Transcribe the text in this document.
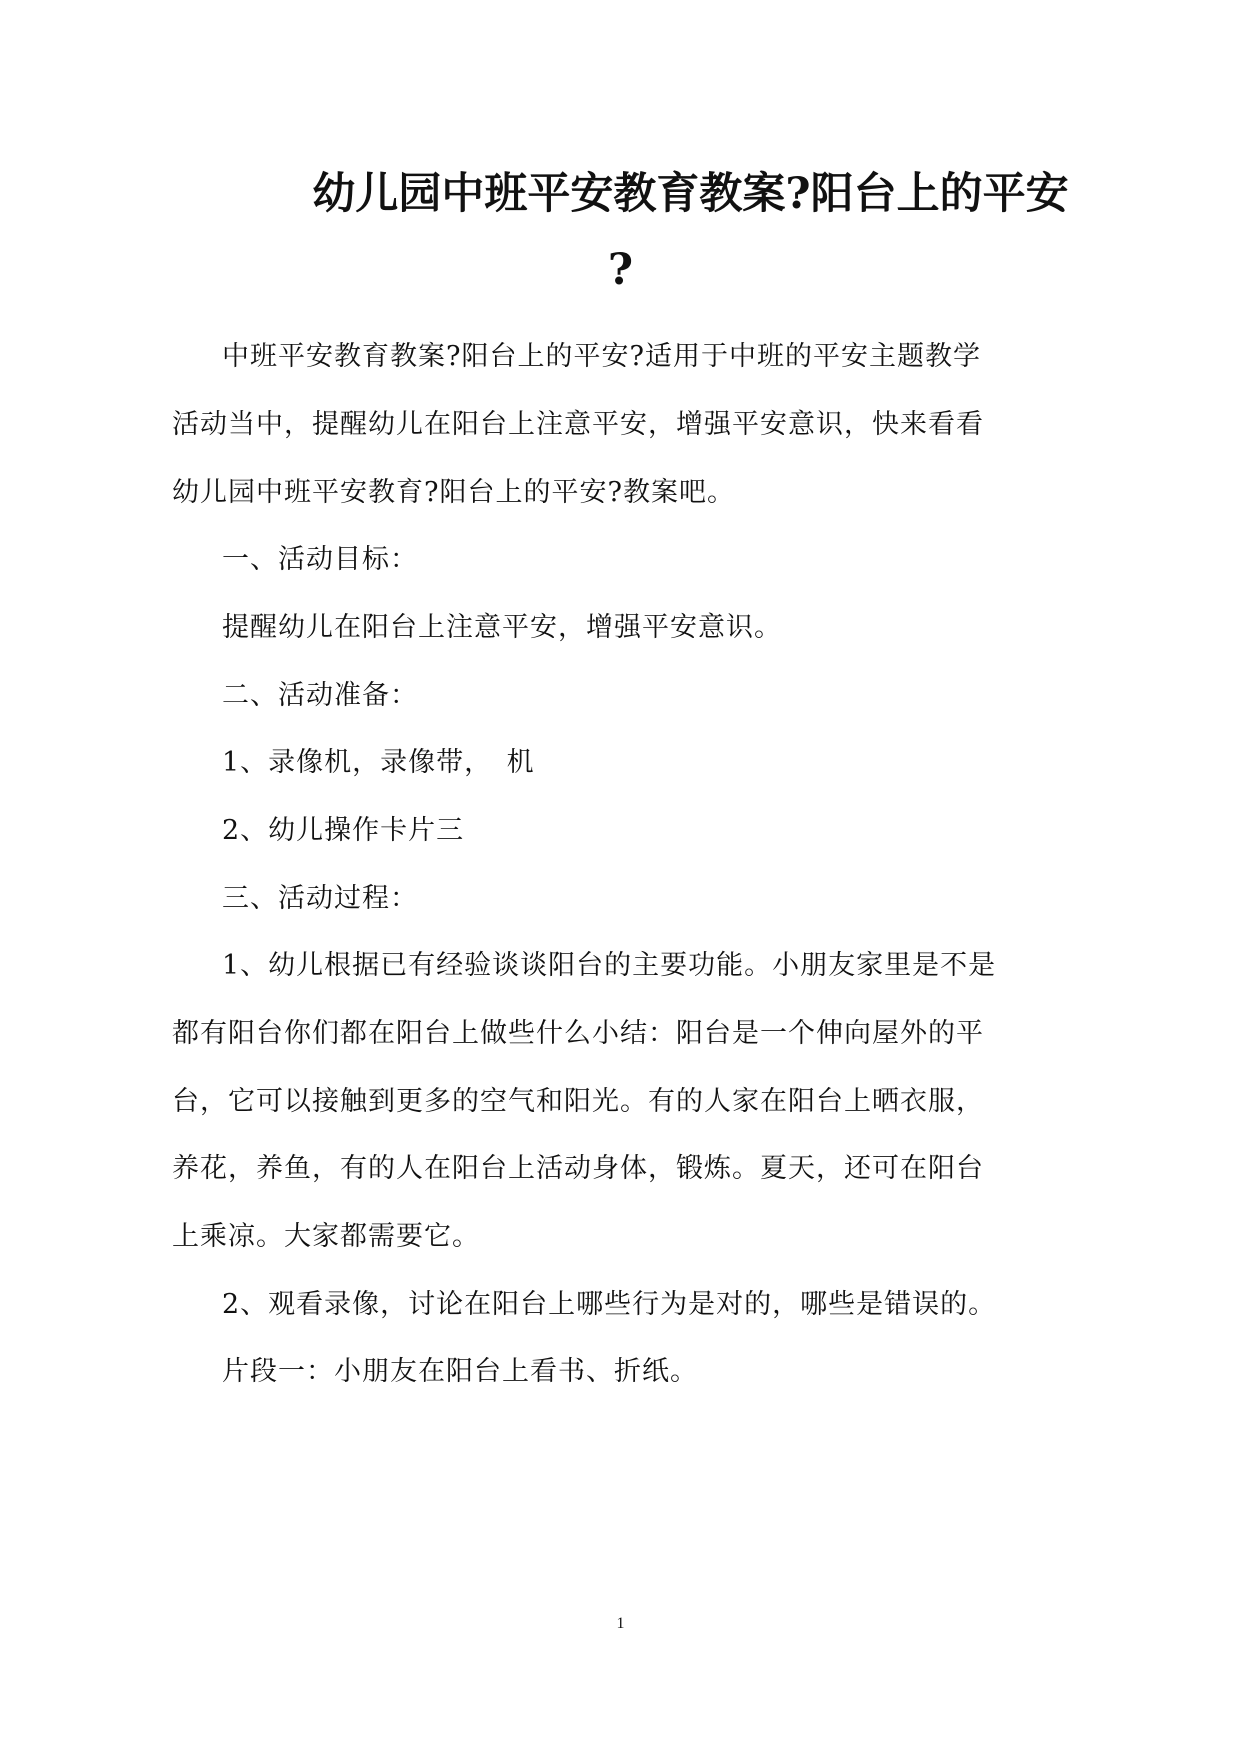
幼儿园中班平安教育教案?阳台上的平安
?
中班平安教育教案?阳台上的平安?适用于中班的平安主题教学
活动当中，提醒幼儿在阳台上注意平安，增强平安意识，快来看看
幼儿园中班平安教育?阳台上的平安?教案吧。
一、活动目标：
提醒幼儿在阳台上注意平安，增强平安意识。
二、活动准备：
1、录像机，录像带，　机
2、幼儿操作卡片三
三、活动过程：
1、幼儿根据已有经验谈谈阳台的主要功能。小朋友家里是不是
都有阳台你们都在阳台上做些什么小结：阳台是一个伸向屋外的平
台，它可以接触到更多的空气和阳光。有的人家在阳台上晒衣服，
养花，养鱼，有的人在阳台上活动身体，锻炼。夏天，还可在阳台
上乘凉。大家都需要它。
2、观看录像，讨论在阳台上哪些行为是对的，哪些是错误的。
片段一：小朋友在阳台上看书、折纸。
1
